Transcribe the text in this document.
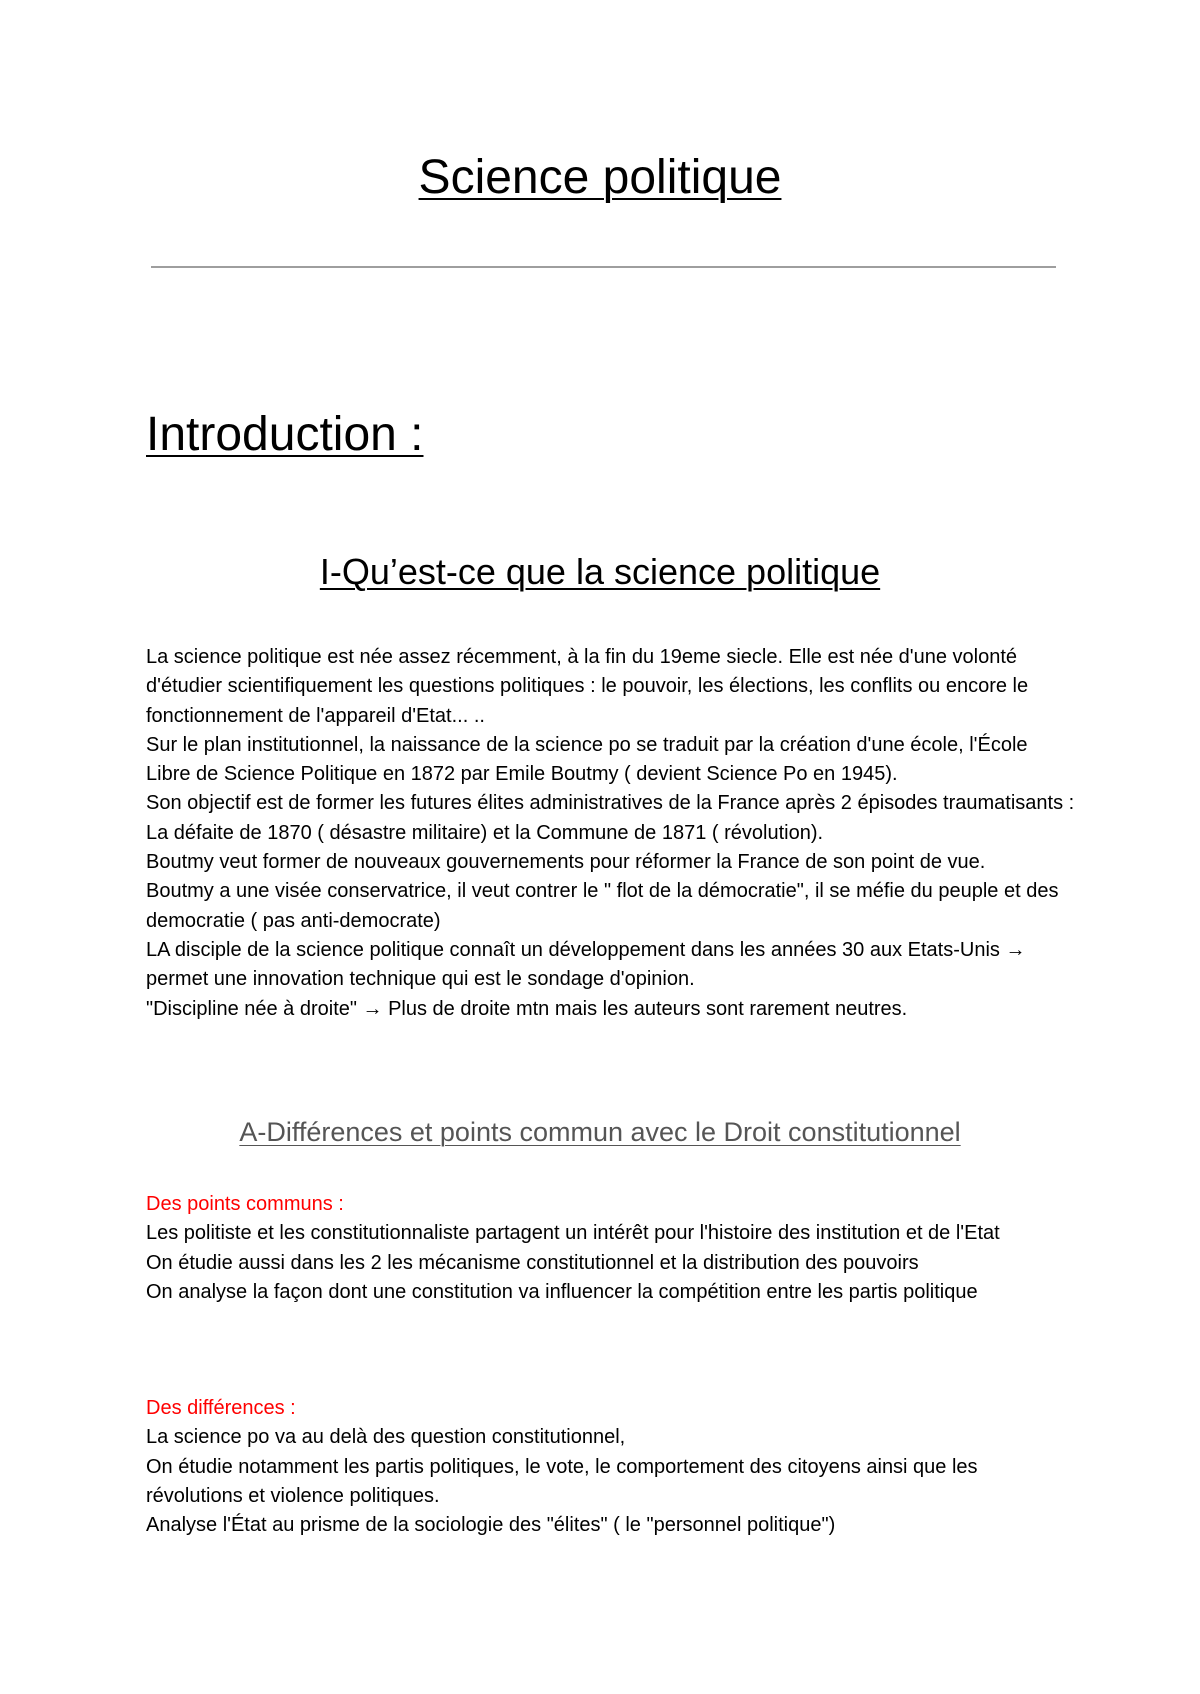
Science politique
Introduction :
I-Qu’est-ce que la science politique

La science politique est née assez récemment, à la fin du 19eme siecle. Elle est née d'une volonté d'étudier scientifiquement les questions politiques : le pouvoir, les élections, les conflits ou encore le fonctionnement de l'appareil d'Etat... ..

Sur le plan institutionnel, la naissance de la science po se traduit par la création d'une école, l'École Libre de Science Politique en 1872 par Emile Boutmy ( devient Science Po en 1945).

Son objectif est de former les futures élites administratives de la France après 2 épisodes traumatisants : La défaite de 1870 ( désastre militaire) et la Commune de 1871 ( révolution).

Boutmy veut former de nouveaux gouvernements pour réformer la France de son point de vue.

Boutmy a une visée conservatrice, il veut contrer le " flot de la démocratie", il se méfie du peuple et des democratie ( pas anti-democrate)

LA disciple de la science politique connaît un développement dans les années 30 aux Etats-Unis → permet une innovation technique qui est le sondage d'opinion.

"Discipline née à droite" → Plus de droite mtn mais les auteurs sont rarement neutres.

A-Différences et points commun avec le Droit constitutionnel

Des points communs :

Les politiste et les constitutionnaliste partagent un intérêt pour l'histoire des institution et de l'Etat

On étudie aussi dans les 2 les mécanisme constitutionnel et la distribution des pouvoirs

On analyse la façon dont une constitution va influencer la compétition entre les partis politique

Des différences :

La science po va au delà des question constitutionnel,

On étudie notamment les partis politiques, le vote, le comportement des citoyens ainsi que les révolutions et violence politiques.

Analyse l'État au prisme de la sociologie des "élites" ( le "personnel politique")
